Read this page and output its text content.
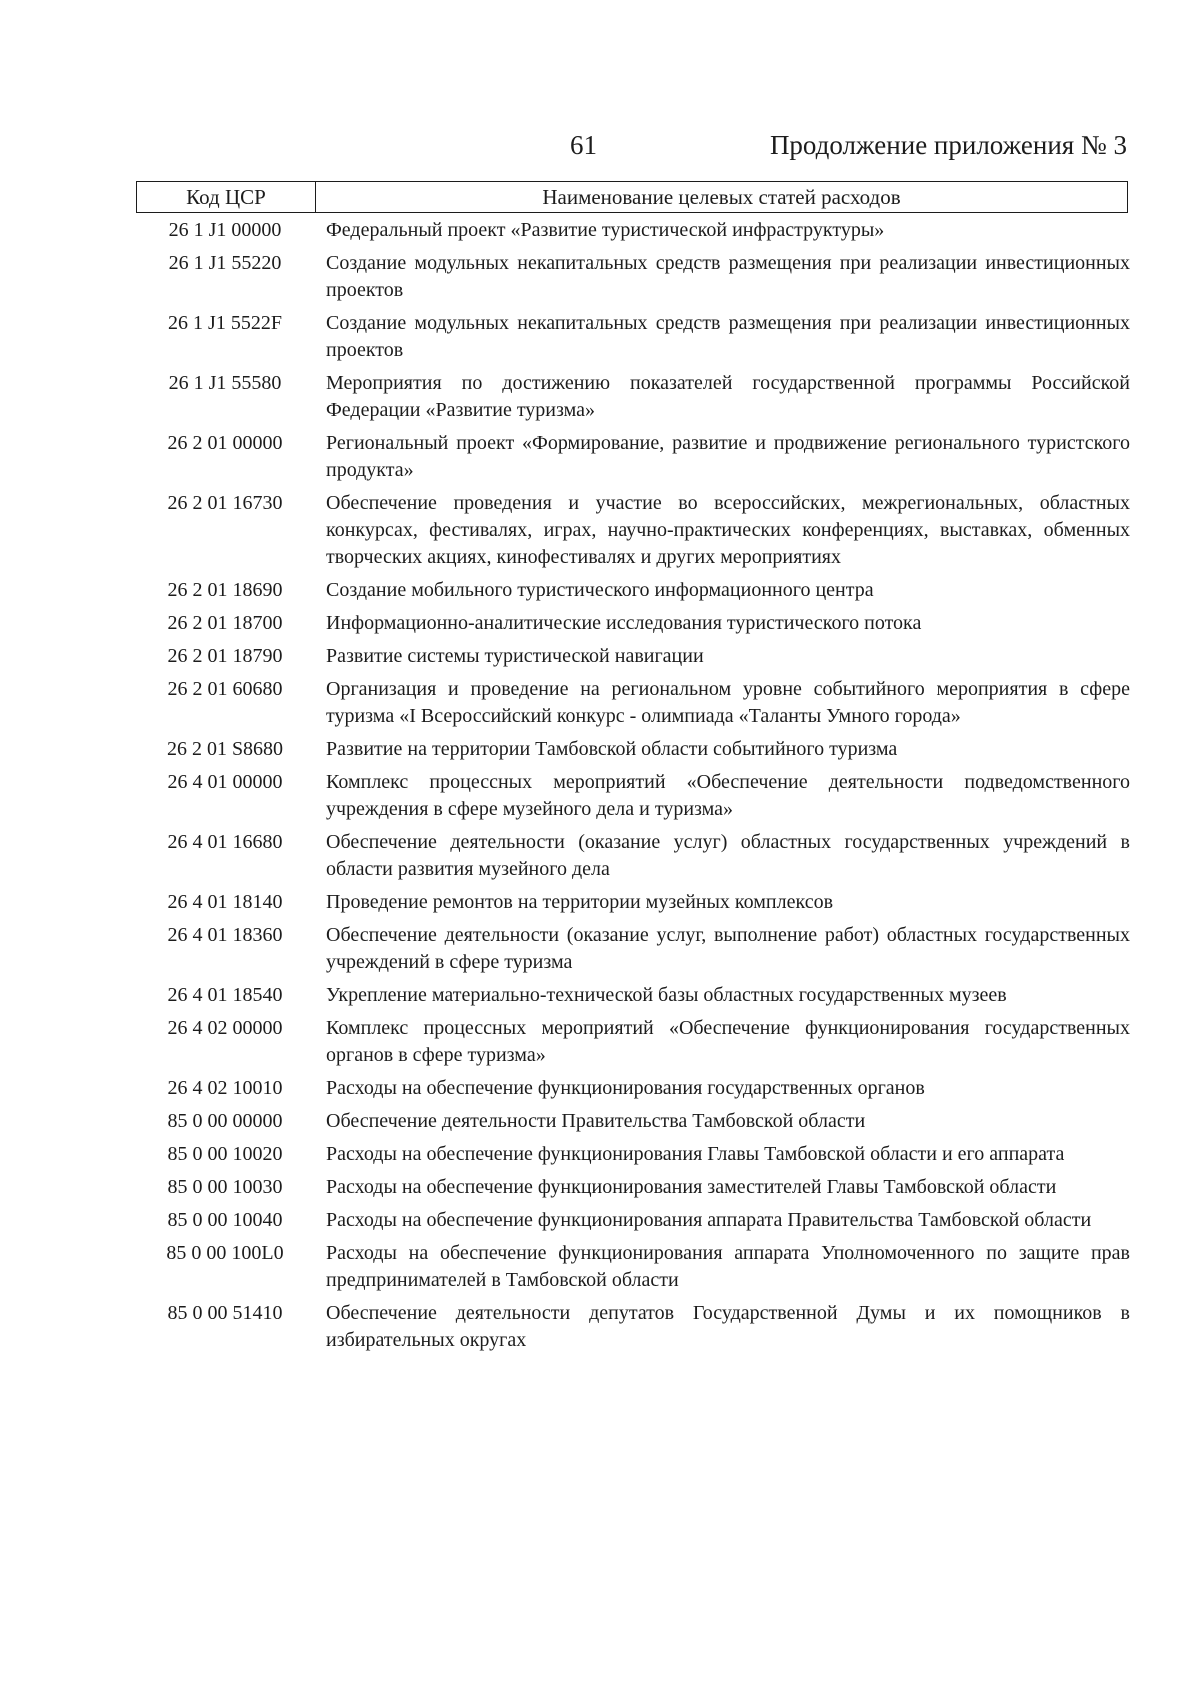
61	Продолжение приложения № 3
Код ЦСР	Наименование целевых статей расходов
26 1 J1 00000	Федеральный проект «Развитие туристической инфраструктуры»
26 1 J1 55220	Создание модульных некапитальных средств размещения при реализации инвестиционных проектов
26 1 J1 5522F	Создание модульных некапитальных средств размещения при реализации инвестиционных проектов
26 1 J1 55580	Мероприятия по достижению показателей государственной программы Российской Федерации «Развитие туризма»
26 2 01 00000	Региональный проект «Формирование, развитие и продвижение регионального туристского продукта»
26 2 01 16730	Обеспечение проведения и участие во всероссийских, межрегиональных, областных конкурсах, фестивалях, играх, научно-практических конференциях, выставках, обменных творческих акциях, кинофестивалях и других мероприятиях
26 2 01 18690	Создание мобильного туристического информационного центра
26 2 01 18700	Информационно-аналитические исследования туристического потока
26 2 01 18790	Развитие системы туристической навигации
26 2 01 60680	Организация и проведение на региональном уровне событийного мероприятия в сфере туризма «I Всероссийский конкурс - олимпиада «Таланты Умного города»
26 2 01 S8680	Развитие на территории Тамбовской области событийного туризма
26 4 01 00000	Комплекс процессных мероприятий «Обеспечение деятельности подведомственного учреждения в сфере музейного дела и туризма»
26 4 01 16680	Обеспечение деятельности (оказание услуг) областных государственных учреждений в области развития музейного дела
26 4 01 18140	Проведение ремонтов на территории музейных комплексов
26 4 01 18360	Обеспечение деятельности (оказание услуг, выполнение работ) областных государственных учреждений в сфере туризма
26 4 01 18540	Укрепление материально-технической базы областных государственных музеев
26 4 02 00000	Комплекс процессных мероприятий «Обеспечение функционирования государственных органов в сфере туризма»
26 4 02 10010	Расходы на обеспечение функционирования государственных органов
85 0 00 00000	Обеспечение деятельности Правительства Тамбовской области
85 0 00 10020	Расходы на обеспечение функционирования Главы Тамбовской области и его аппарата
85 0 00 10030	Расходы на обеспечение функционирования заместителей Главы Тамбовской области
85 0 00 10040	Расходы на обеспечение функционирования аппарата Правительства Тамбовской области
85 0 00 100L0	Расходы на обеспечение функционирования аппарата Уполномоченного по защите прав предпринимателей в Тамбовской области
85 0 00 51410	Обеспечение деятельности депутатов Государственной Думы и их помощников в избирательных округах
